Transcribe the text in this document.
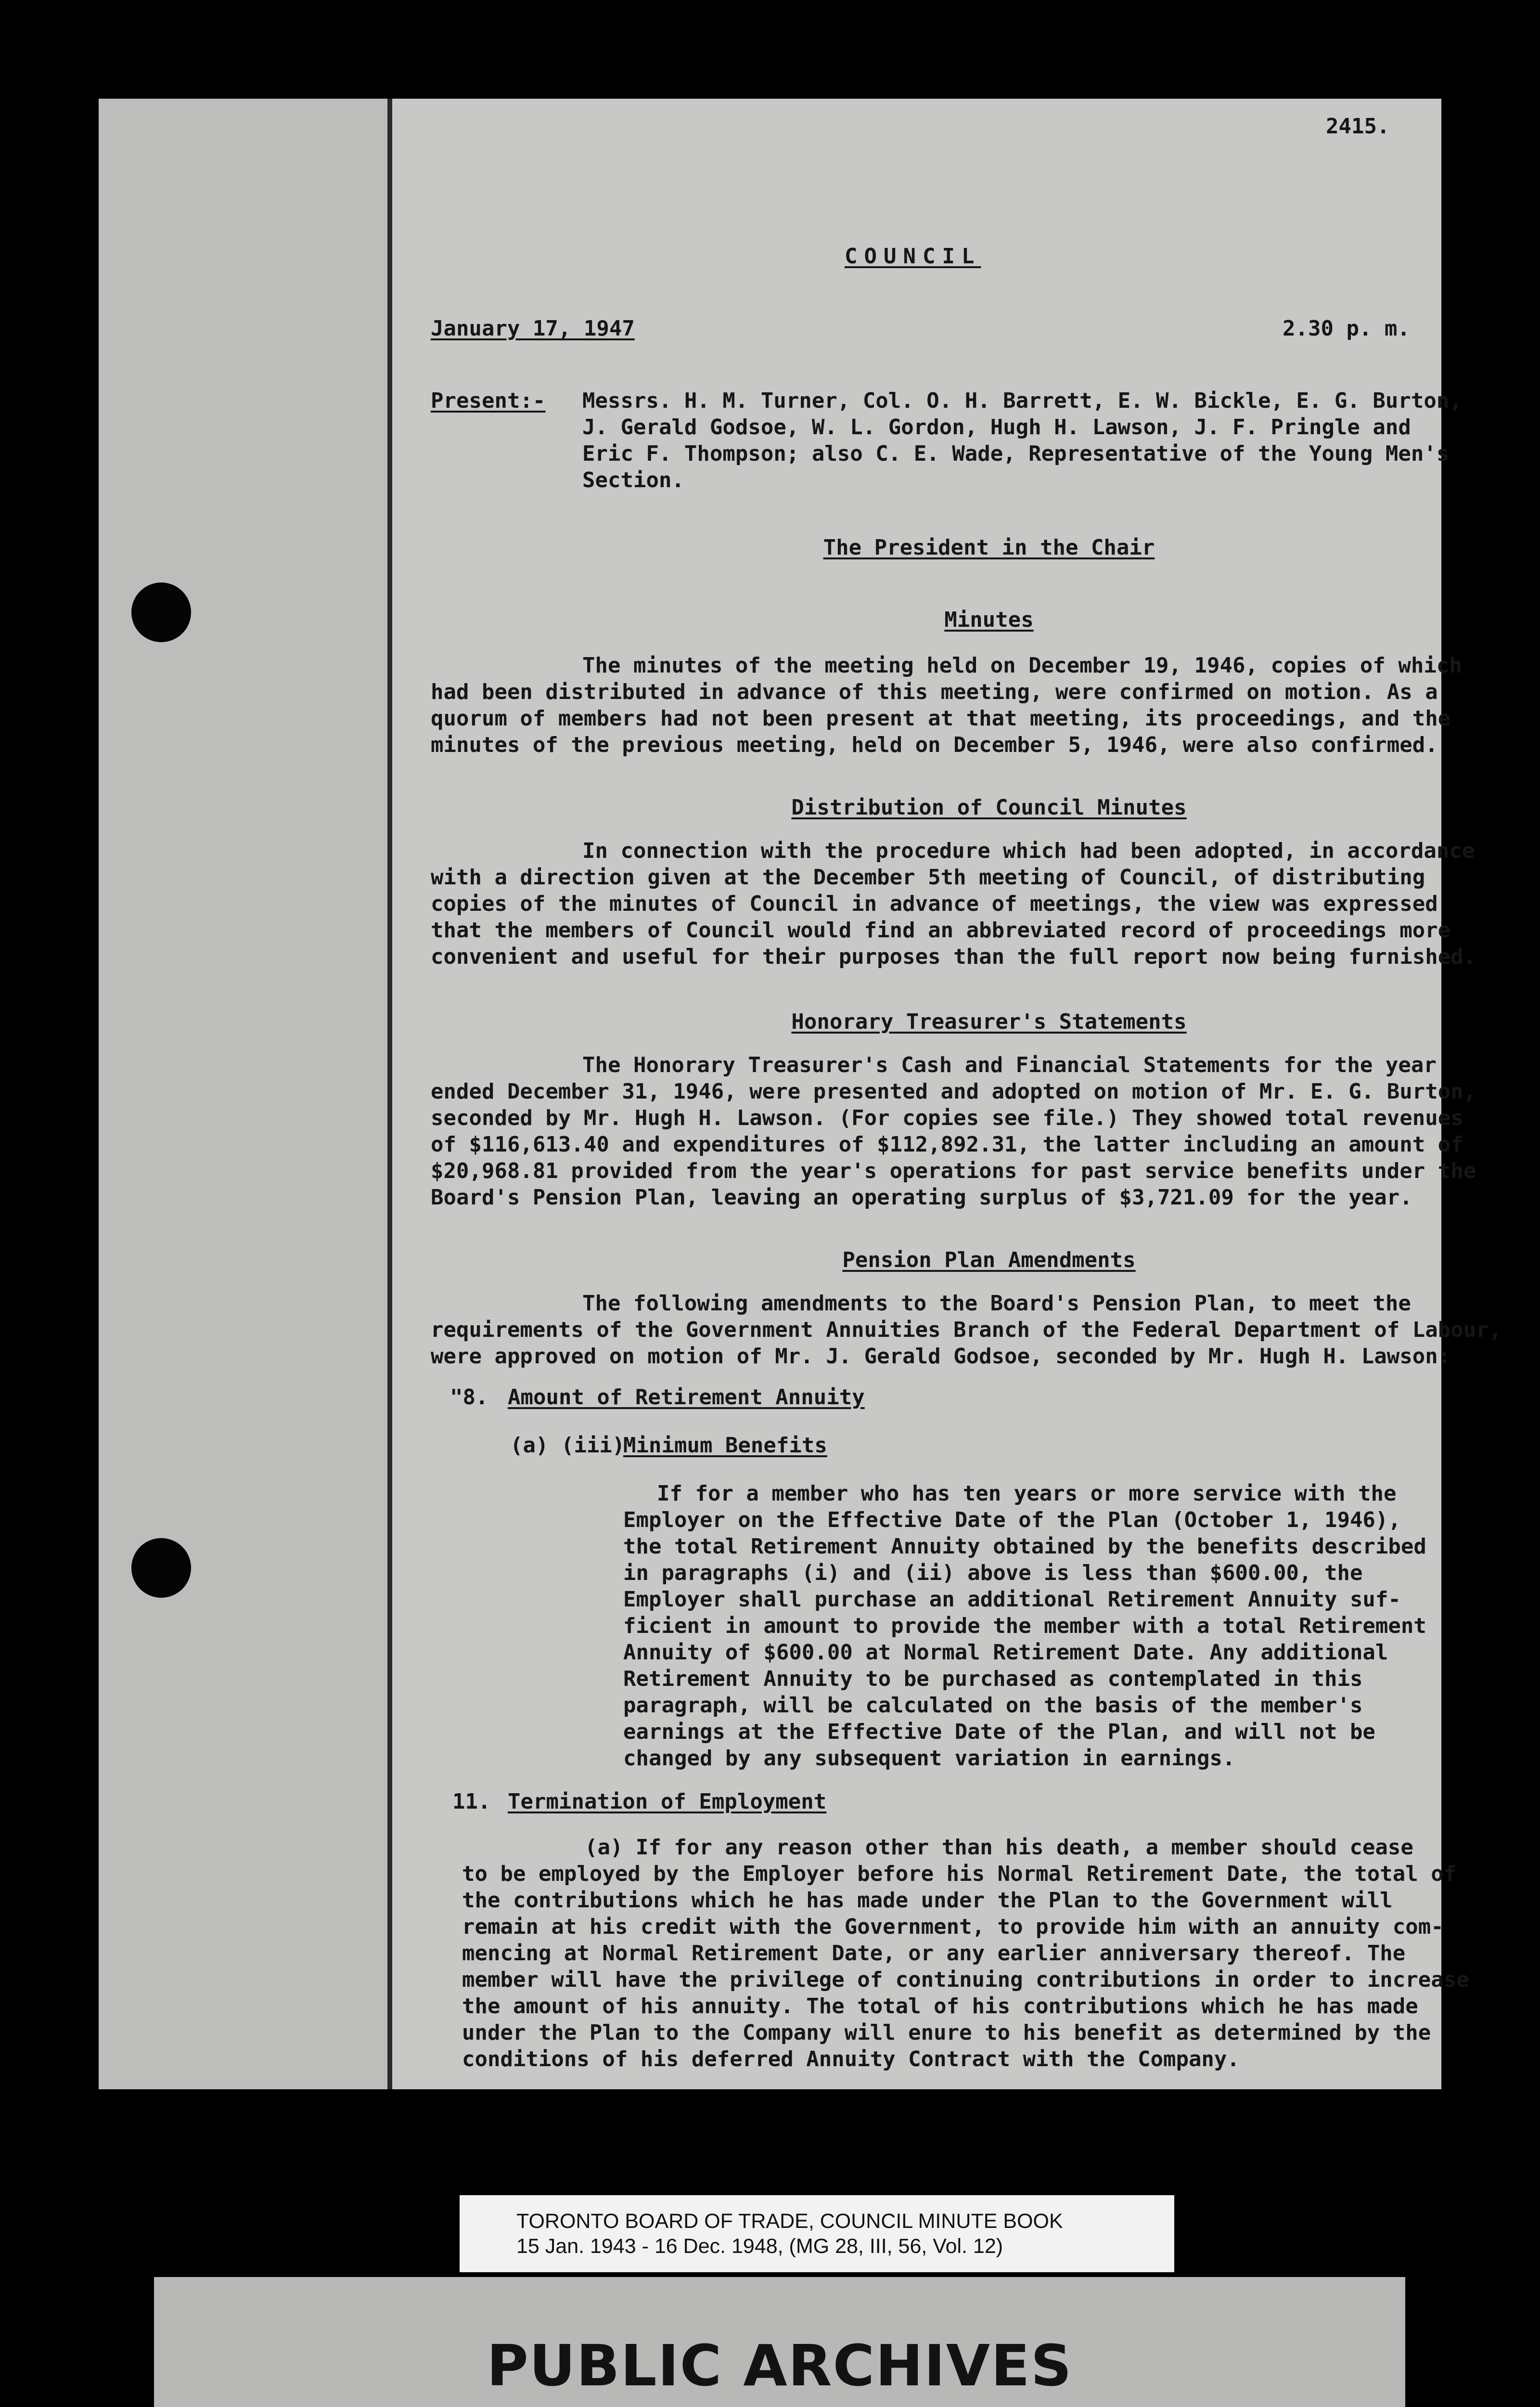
2415.
COUNCIL
January 17, 1947	2.30 p. m.
Present:- Messrs. H. M. Turner, Col. O. H. Barrett, E. W. Bickle, E. G. Burton,
J. Gerald Godsoe, W. L. Gordon, Hugh H. Lawson, J. F. Pringle and
Eric F. Thompson; also C. E. Wade, Representative of the Young Men's
Section.
The President in the Chair
Minutes
The minutes of the meeting held on December 19, 1946, copies of which
had been distributed in advance of this meeting, were confirmed on motion. As a
quorum of members had not been present at that meeting, its proceedings, and the
minutes of the previous meeting, held on December 5, 1946, were also confirmed.
Distribution of Council Minutes
In connection with the procedure which had been adopted, in accordance
with a direction given at the December 5th meeting of Council, of distributing
copies of the minutes of Council in advance of meetings, the view was expressed
that the members of Council would find an abbreviated record of proceedings more
convenient and useful for their purposes than the full report now being furnished.
Honorary Treasurer's Statements
The Honorary Treasurer's Cash and Financial Statements for the year
ended December 31, 1946, were presented and adopted on motion of Mr. E. G. Burton,
seconded by Mr. Hugh H. Lawson. (For copies see file.) They showed total revenues
of $116,613.40 and expenditures of $112,892.31, the latter including an amount of
$20,968.81 provided from the year's operations for past service benefits under the
Board's Pension Plan, leaving an operating surplus of $3,721.09 for the year.
Pension Plan Amendments
The following amendments to the Board's Pension Plan, to meet the
requirements of the Government Annuities Branch of the Federal Department of Labour,
were approved on motion of Mr. J. Gerald Godsoe, seconded by Mr. Hugh H. Lawson:
"8. Amount of Retirement Annuity
(a) (iii)
Minimum Benefits
If for a member who has ten years or more service with the
Employer on the Effective Date of the Plan (October 1, 1946),
the total Retirement Annuity obtained by the benefits described
in paragraphs (i) and (ii) above is less than $600.00, the
Employer shall purchase an additional Retirement Annuity suf-
ficient in amount to provide the member with a total Retirement
Annuity of $600.00 at Normal Retirement Date. Any additional
Retirement Annuity to be purchased as contemplated in this
paragraph, will be calculated on the basis of the member's
earnings at the Effective Date of the Plan, and will not be
changed by any subsequent variation in earnings.
11. Termination of Employment
(a) If for any reason other than his death, a member should cease
to be employed by the Employer before his Normal Retirement Date, the total of
the contributions which he has made under the Plan to the Government will
remain at his credit with the Government, to provide him with an annuity com-
mencing at Normal Retirement Date, or any earlier anniversary thereof. The
member will have the privilege of continuing contributions in order to increase
the amount of his annuity. The total of his contributions which he has made
under the Plan to the Company will enure to his benefit as determined by the
conditions of his deferred Annuity Contract with the Company.
TORONTO BOARD OF TRADE, COUNCIL MINUTE BOOK
15 Jan. 1943 - 16 Dec. 1948, (MG 28, III, 56, Vol. 12)
PUBLIC ARCHIVES
